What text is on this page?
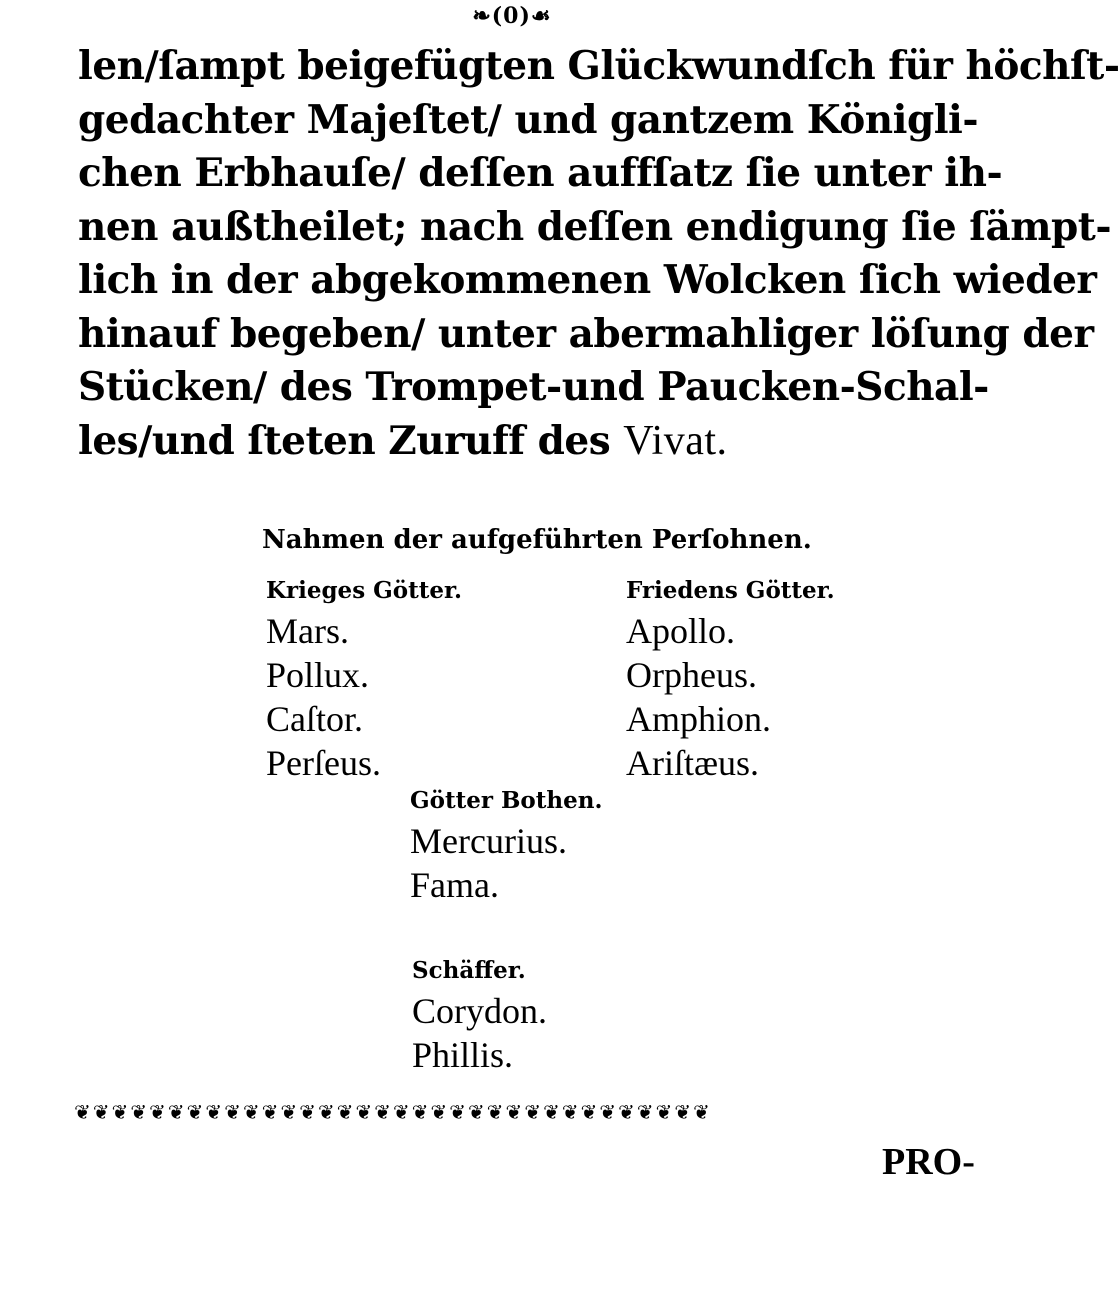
❧(0)☙
len/ſampt beigefügten Glückwundſch für höchſt-
gedachter Majeſtet/ und gantzem Königli-
chen Erbhauſe/ deſſen auffſatz ſie unter ih-
nen außtheilet; nach deſſen endigung ſie ſämpt-
lich in der abgekommenen Wolcken ſich wieder
hinauf begeben/ unter abermahliger löſung der
Stücken/ des Trompet-und Paucken-Schal-
les/und ſteten Zuruff des Vivat.
Nahmen der aufgeführten Perſohnen.
Krieges Götter.
Mars.
Pollux.
Caſtor.
Perſeus.
Friedens Götter.
Apollo.
Orpheus.
Amphion.
Ariſtæus.
Götter Bothen.
Mercurius.
Fama.
Schäffer.
Corydon.
Phillis.
❦❦❦❦❦❦❦❦❦❦❦❦❦❦❦❦❦❦❦❦❦❦❦❦❦❦❦❦❦❦❦❦❦❦
PRO-
